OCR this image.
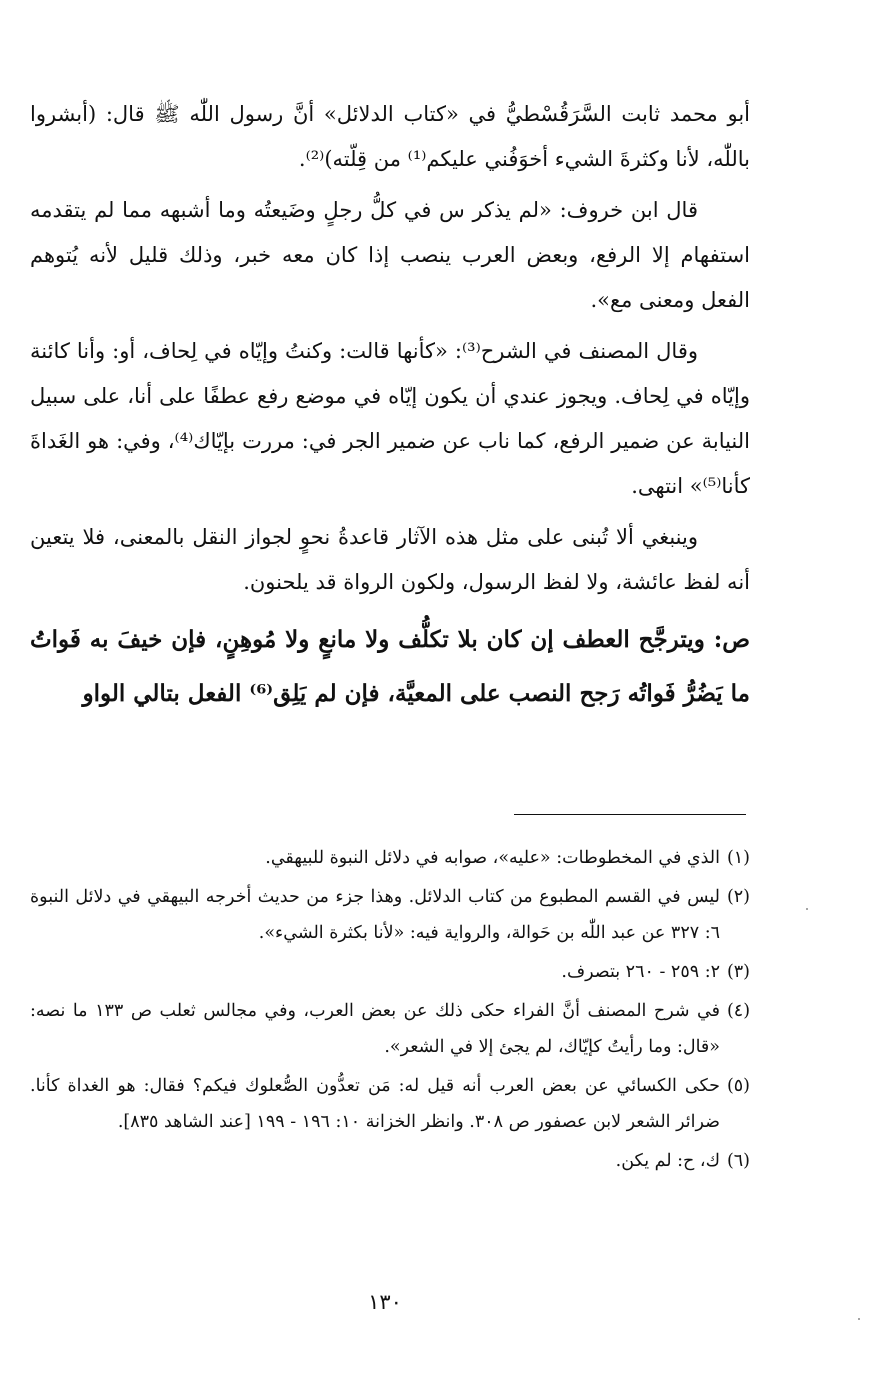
أبو محمد ثابت السَّرَقُسْطيُّ في «كتاب الدلائل» أنَّ رسول اللّٰه ﷺ قال: (أبشروا باللّٰه، لأنا وكثرةَ الشيء أخوَفُني عليكم⁽¹⁾ من قِلّته)⁽²⁾.

قال ابن خروف: «لم يذكر س في كلُّ رجلٍ وضَيعتُه وما أشبهه مما لم يتقدمه استفهام إلا الرفع، وبعض العرب ينصب إذا كان معه خبر، وذلك قليل لأنه يُتوهم الفعل ومعنى مع».

وقال المصنف في الشرح⁽³⁾: «كأنها قالت: وكنتُ وإيّاه في لِحاف، أو: وأنا كائنة وإيّاه في لِحاف. ويجوز عندي أن يكون إيّاه في موضع رفع عطفًا على أنا، على سبيل النيابة عن ضمير الرفع، كما ناب عن ضمير الجر في: مررت بإيّاك⁽⁴⁾، وفي: هو الغَداةَ كأنا⁽⁵⁾» انتهى.

وينبغي ألا تُبنى على مثل هذه الآثار قاعدةُ نحوٍ لجواز النقل بالمعنى، فلا يتعين أنه لفظ عائشة، ولا لفظ الرسول، ولكون الرواة قد يلحنون.

ص: ويترجَّح العطف إن كان بلا تكلُّف ولا مانعٍ ولا مُوهِنٍ، فإن خيفَ به فَواتُ ما يَضُرُّ فَواتُه رَجح النصب على المعيَّة، فإن لم يَلِق⁽⁶⁾ الفعل بتالي الواو

(١)الذي في المخطوطات: «عليه»، صوابه في دلائل النبوة للبيهقي.

(٢)ليس في القسم المطبوع من كتاب الدلائل. وهذا جزء من حديث أخرجه البيهقي في دلائل النبوة ٦: ٣٢٧ عن عبد اللّٰه بن حَوالة، والرواية فيه: «لأنا بكثرة الشيء».

(٣)٢: ٢٥٩ - ٢٦٠ بتصرف.

(٤)في شرح المصنف أنَّ الفراء حكى ذلك عن بعض العرب، وفي مجالس ثعلب ص ١٣٣ ما نصه: «قال: وما رأيتُ كإيّاك، لم يجئ إلا في الشعر».

(٥)حكى الكسائي عن بعض العرب أنه قيل له: مَن تعدُّون الصُّعلوك فيكم؟ فقال: هو الغداة كأنا. ضرائر الشعر لابن عصفور ص ٣٠٨. وانظر الخزانة ١٠: ١٩٦ - ١٩٩ [عند الشاهد ٨٣٥].

(٦)ك، ح: لم يكن.

١٣٠
